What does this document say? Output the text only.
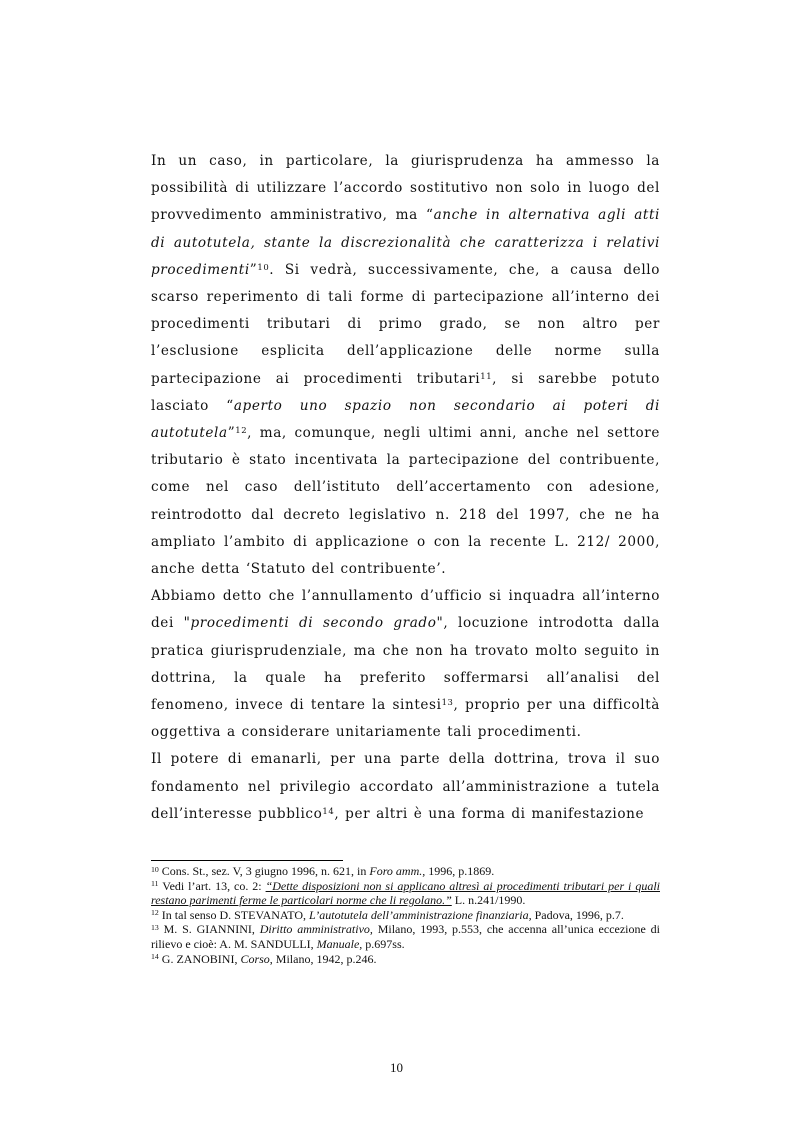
In un caso, in particolare, la giurisprudenza ha ammesso la possibilità di utilizzare l’accordo sostitutivo non solo in luogo del provvedimento amministrativo, ma “anche in alternativa agli atti di autotutela, stante la discrezionalità che caratterizza i relativi procedimenti”$^{10}$. Si vedrà, successivamente, che, a causa dello scarso reperimento di tali forme di partecipazione all’interno dei procedimenti tributari di primo grado, se non altro per l’esclusione esplicita dell’applicazione delle norme sulla partecipazione ai procedimenti tributari$^{11}$, si sarebbe potuto lasciato “aperto uno spazio non secondario ai poteri di autotutela”$^{12}$, ma, comunque, negli ultimi anni, anche nel settore tributario è stato incentivata la partecipazione del contribuente, come nel caso dell’istituto dell’accertamento con adesione, reintrodotto dal decreto legislativo n. 218 del 1997, che ne ha ampliato l’ambito di applicazione o con la recente L. 212/ 2000, anche detta ‘Statuto del contribuente’.

Abbiamo detto che l’annullamento d’ufficio si inquadra all’interno dei "procedimenti di secondo grado", locuzione introdotta dalla pratica giurisprudenziale, ma che non ha trovato molto seguito in dottrina, la quale ha preferito soffermarsi all’analisi del fenomeno, invece di tentare la sintesi$^{13}$, proprio per una difficoltà oggettiva a considerare unitariamente tali procedimenti.

Il potere di emanarli, per una parte della dottrina, trova il suo fondamento nel privilegio accordato all’amministrazione a tutela dell’interesse pubblico$^{14}$, per altri è una forma di manifestazione

$^{10}$ Cons. St., sez. V, 3 giugno 1996, n. 621, in Foro amm., 1996, p.1869.

$^{11}$ Vedi l’art. 13, co. 2: “Dette disposizioni non si applicano altresì ai procedimenti tributari per i quali restano parimenti ferme le particolari norme che li regolano.” L. n.241/1990.

$^{12}$ In tal senso D. STEVANATO, L’autotutela dell’amministrazione finanziaria, Padova, 1996, p.7.

$^{13}$ M. S. GIANNINI, Diritto amministrativo, Milano, 1993, p.553, che accenna all’unica eccezione di rilievo e cioè: A. M. SANDULLI, Manuale, p.697ss.

$^{14}$ G. ZANOBINI, Corso, Milano, 1942, p.246.

10
